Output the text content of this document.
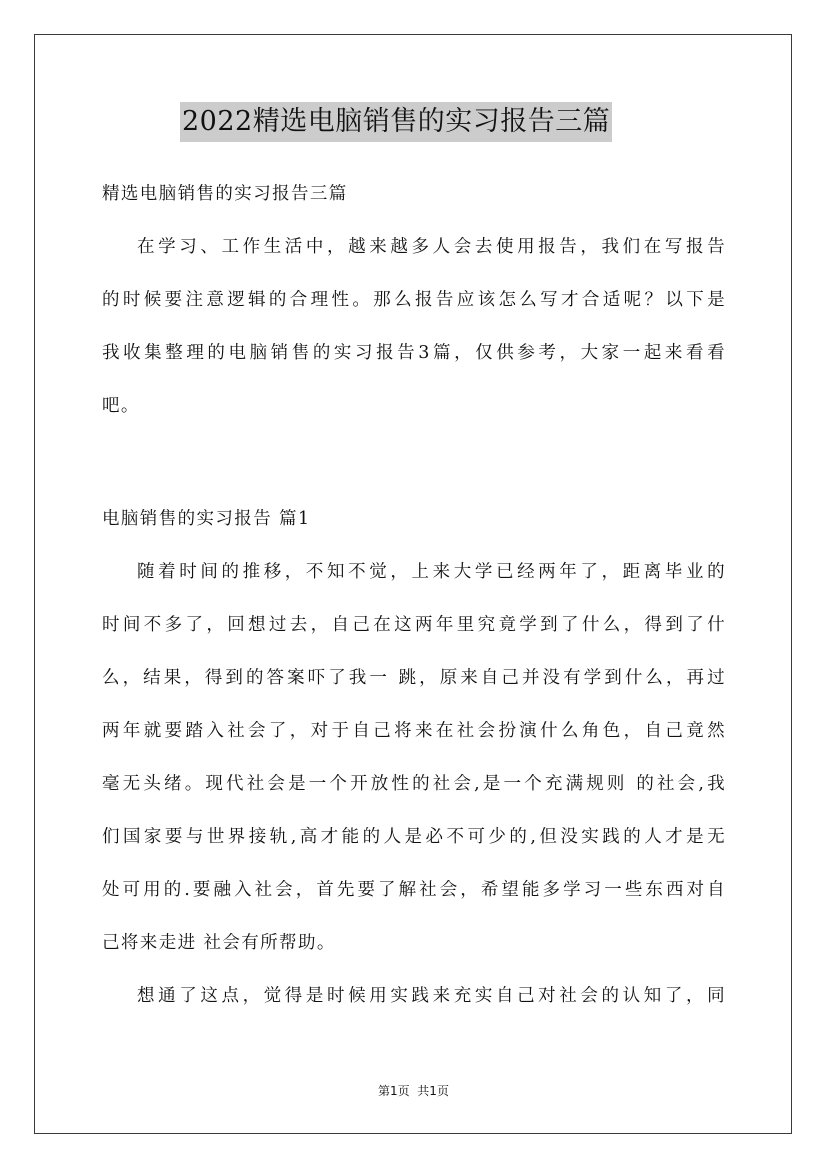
2022精选电脑销售的实习报告三篇

精选电脑销售的实习报告三篇

在学习、工作生活中，越来越多人会去使用报告，我们在写报告
的时候要注意逻辑的合理性。那么报告应该怎么写才合适呢？以下是
我收集整理的电脑销售的实习报告3篇，仅供参考，大家一起来看看
吧。

电脑销售的实习报告 篇1

随着时间的推移，不知不觉，上来大学已经两年了，距离毕业的
时间不多了，回想过去，自己在这两年里究竟学到了什么，得到了什
么，结果，得到的答案吓了我一 跳，原来自己并没有学到什么，再过
两年就要踏入社会了，对于自己将来在社会扮演什么角色，自己竟然
毫无头绪。现代社会是一个开放性的社会,是一个充满规则 的社会,我
们国家要与世界接轨,高才能的人是必不可少的,但没实践的人才是无
处可用的.要融入社会，首先要了解社会，希望能多学习一些东西对自
己将来走进 社会有所帮助。
想通了这点，觉得是时候用实践来充实自己对社会的认知了，同
第1页  共1页
